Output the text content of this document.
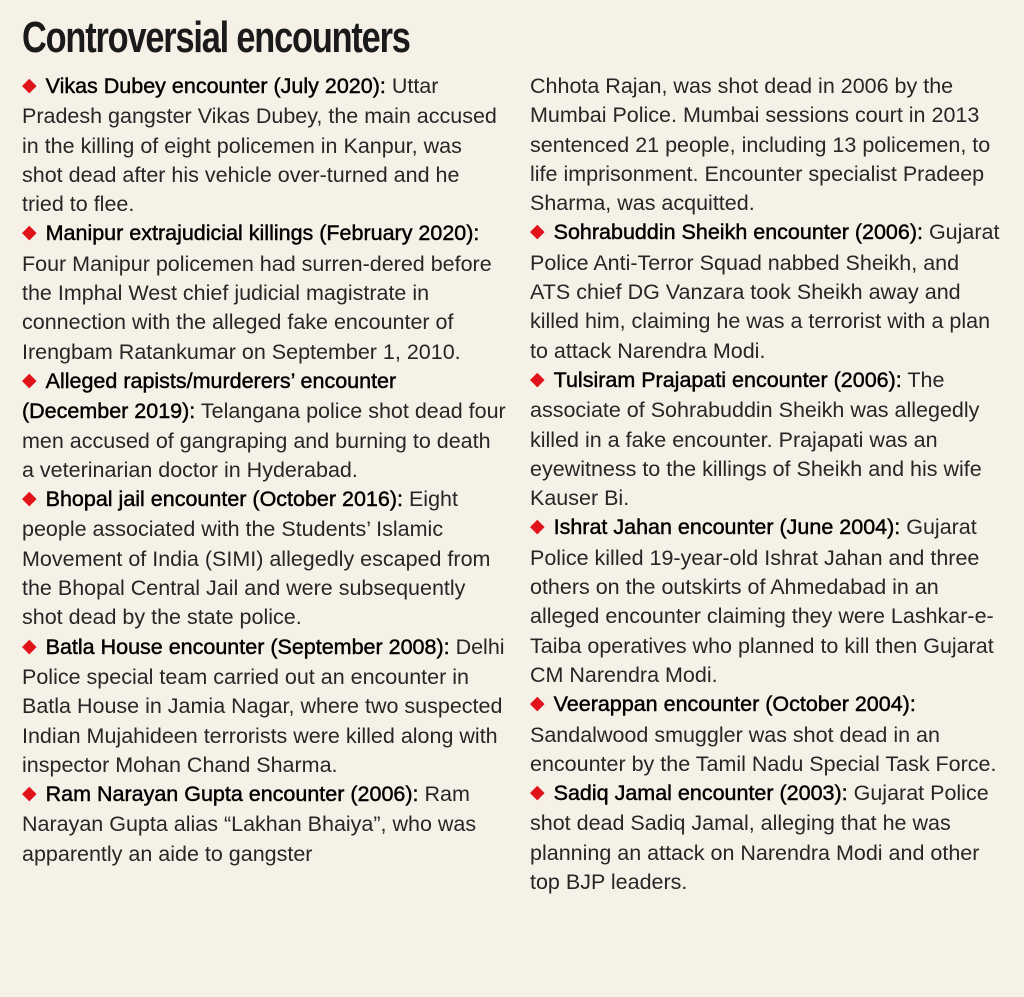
Controversial encounters

◆ Vikas Dubey encounter (July 2020): Uttar Pradesh gangster Vikas Dubey, the main accused in the killing of eight policemen in Kanpur, was shot dead after his vehicle over-turned and he tried to flee.

◆ Manipur extrajudicial killings (February 2020): Four Manipur policemen had surren-dered before the Imphal West chief judicial magistrate in connection with the alleged fake encounter of Irengbam Ratankumar on September 1, 2010.

◆ Alleged rapists/murderers’ encounter (December 2019): Telangana police shot dead four men accused of gangraping and burning to death a veterinarian doctor in Hyderabad.

◆ Bhopal jail encounter (October 2016): Eight people associated with the Students’ Islamic Movement of India (SIMI) allegedly escaped from the Bhopal Central Jail and were subsequently shot dead by the state police.

◆ Batla House encounter (September 2008): Delhi Police special team carried out an encounter in Batla House in Jamia Nagar, where two suspected Indian Mujahideen terrorists were killed along with inspector Mohan Chand Sharma.

◆ Ram Narayan Gupta encounter (2006): Ram Narayan Gupta alias “Lakhan Bhaiya”, who was apparently an aide to gangster

Chhota Rajan, was shot dead in 2006 by the Mumbai Police. Mumbai sessions court in 2013 sentenced 21 people, including 13 policemen, to life imprisonment. Encounter specialist Pradeep Sharma, was acquitted.

◆ Sohrabuddin Sheikh encounter (2006): Gujarat Police Anti-Terror Squad nabbed Sheikh, and ATS chief DG Vanzara took Sheikh away and killed him, claiming he was a terrorist with a plan to attack Narendra Modi.

◆ Tulsiram Prajapati encounter (2006): The associate of Sohrabuddin Sheikh was allegedly killed in a fake encounter. Prajapati was an eyewitness to the killings of Sheikh and his wife Kauser Bi.

◆ Ishrat Jahan encounter (June 2004): Gujarat Police killed 19-year-old Ishrat Jahan and three others on the outskirts of Ahmedabad in an alleged encounter claiming they were Lashkar-e-Taiba operatives who planned to kill then Gujarat CM Narendra Modi.

◆ Veerappan encounter (October 2004): Sandalwood smuggler was shot dead in an encounter by the Tamil Nadu Special Task Force.

◆ Sadiq Jamal encounter (2003): Gujarat Police shot dead Sadiq Jamal, alleging that he was planning an attack on Narendra Modi and other top BJP leaders.
